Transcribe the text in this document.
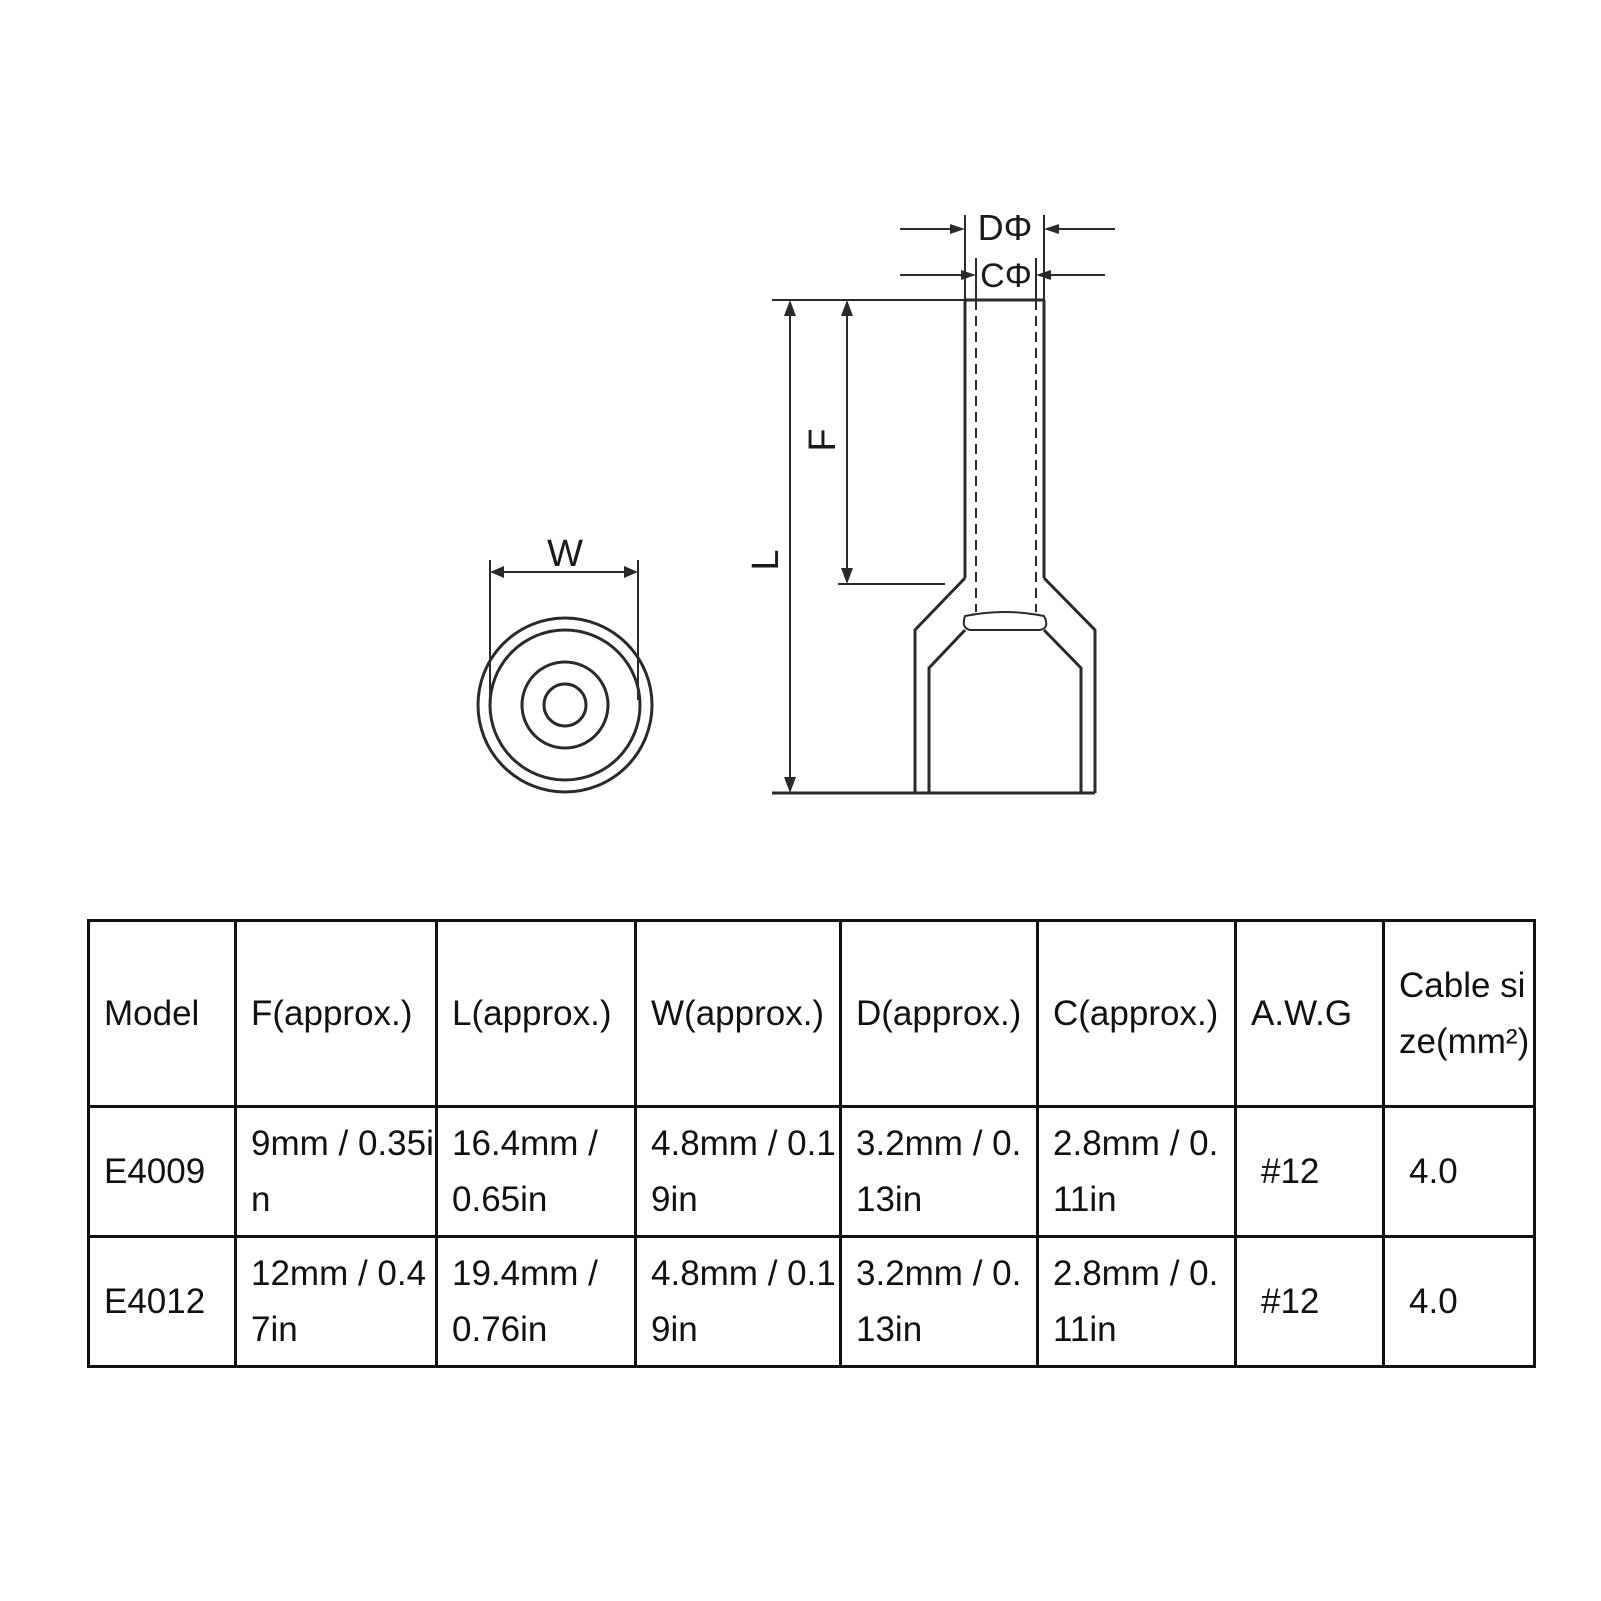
W	L
F
DΦ
CΦ
Model	F(approx.)	L(approx.)	W(approx.)	D(approx.)	C(approx.)	A.W.G	Cable size(mm²)
E4009	9mm / 0.35in	16.4mm / 0.65in	4.8mm / 0.19in	3.2mm / 0.13in	2.8mm / 0.11in	#12	4.0
E4012	12mm / 0.47in	19.4mm / 0.76in	4.8mm / 0.19in	3.2mm / 0.13in	2.8mm / 0.11in	#12	4.0
